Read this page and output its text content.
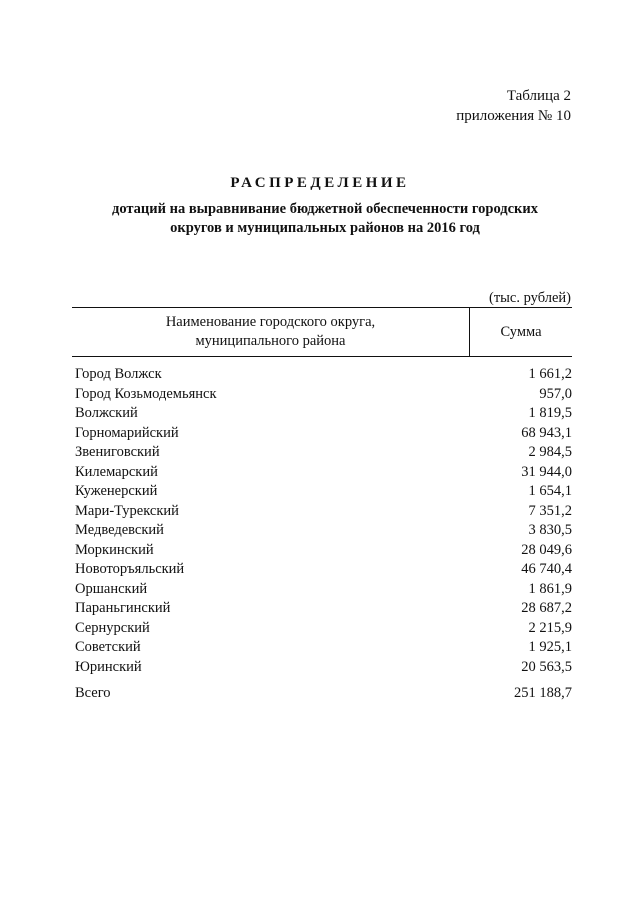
Таблица 2
приложения № 10
РАСПРЕДЕЛЕНИЕ
дотаций на выравнивание бюджетной обеспеченности городских
округов и муниципальных районов на 2016 год
(тыс. рублей)
Наименование городского округа,
муниципального района
Сумма
Город Волжск	1 661,2
Город Козьмодемьянск	957,0
Волжский	1 819,5
Горномарийский	68 943,1
Звениговский	2 984,5
Килемарский	31 944,0
Куженерский	1 654,1
Мари-Турекский	7 351,2
Медведевский	3 830,5
Моркинский	28 049,6
Новоторъяльский	46 740,4
Оршанский	1 861,9
Параньгинский	28 687,2
Сернурский	2 215,9
Советский	1 925,1
Юринский	20 563,5
Всего	251 188,7
